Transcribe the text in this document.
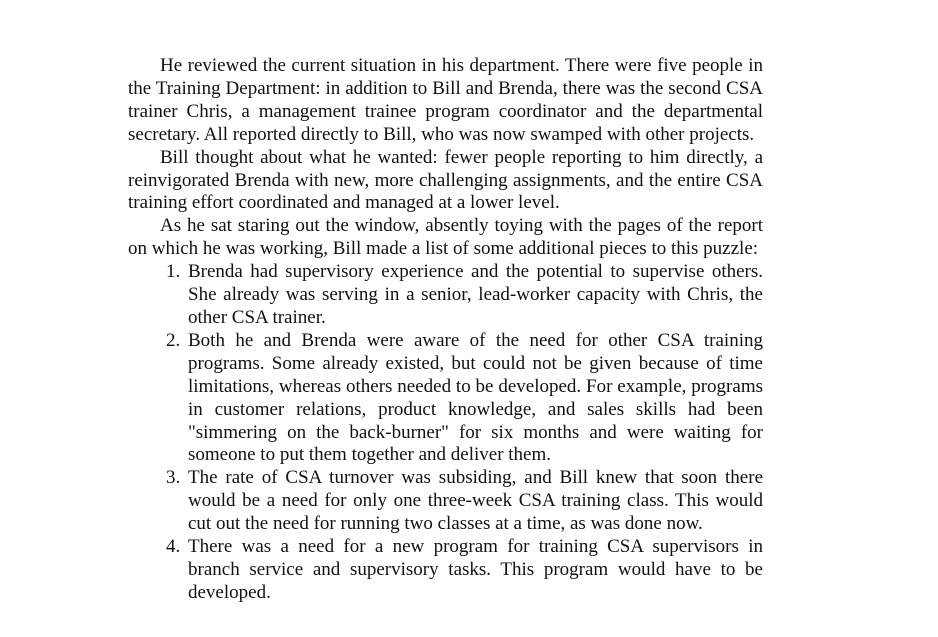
He reviewed the current situation in his department. There were five people in the Training Department: in addition to Bill and Brenda, there was the second CSA trainer Chris, a management trainee program coordinator and the departmental secretary. All reported directly to Bill, who was now swamped with other projects.

Bill thought about what he wanted: fewer people reporting to him directly, a reinvigorated Brenda with new, more challenging assignments, and the entire CSA training effort coordinated and managed at a lower level.

As he sat staring out the window, absently toying with the pages of the report on which he was working, Bill made a list of some additional pieces to this puzzle:

1. Brenda had supervisory experience and the potential to supervise others. She already was serving in a senior, lead-worker capacity with Chris, the other CSA trainer.
2. Both he and Brenda were aware of the need for other CSA training programs. Some already existed, but could not be given because of time limitations, whereas others needed to be developed. For example, programs in customer relations, product knowledge, and sales skills had been "simmering on the back-burner" for six months and were waiting for someone to put them together and deliver them.
3. The rate of CSA turnover was subsiding, and Bill knew that soon there would be a need for only one three-week CSA training class. This would cut out the need for running two classes at a time, as was done now.
4. There was a need for a new program for training CSA supervisors in branch service and supervisory tasks. This program would have to be developed.
